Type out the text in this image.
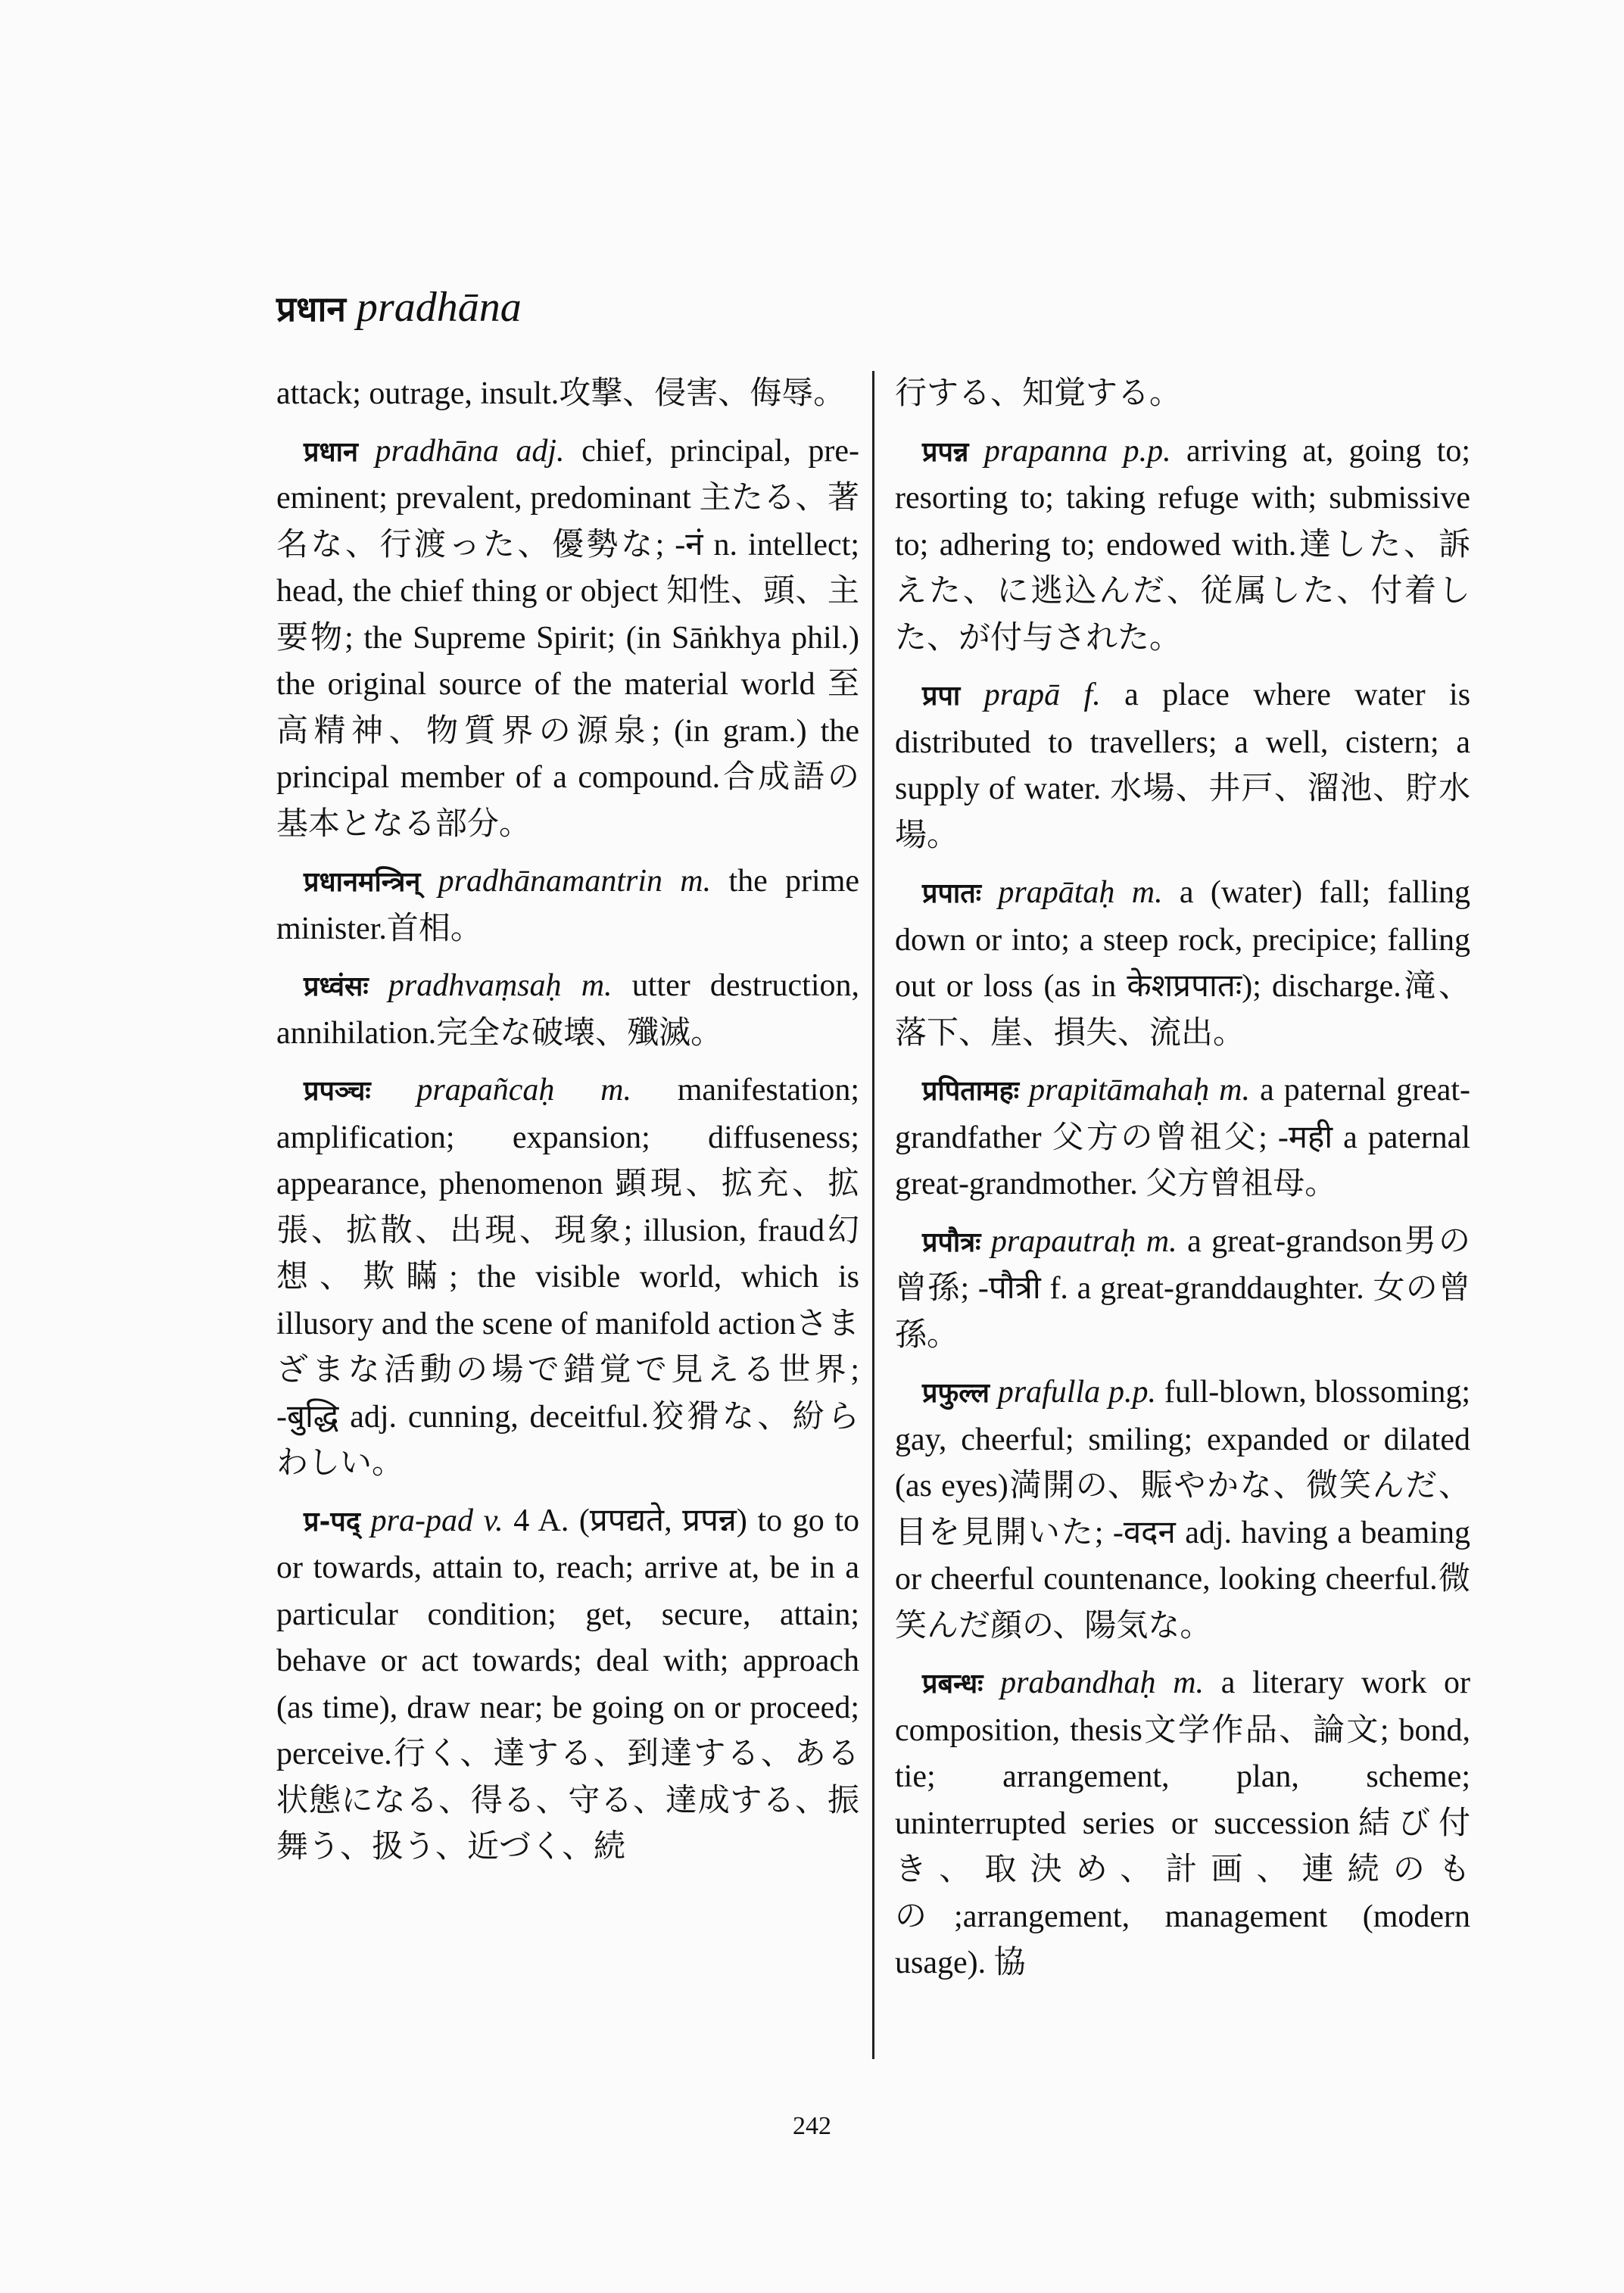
प्रधान pradhāna

attack; outrage, insult.攻撃、侵害、侮辱。

प्रधान pradhāna adj. chief, principal, pre-eminent; prevalent, predominant 主たる、著名な、行渡った、優勢な; -नं n. intellect; head, the chief thing or object 知性、頭、主要物; the Supreme Spirit; (in Sāṅkhya phil.) the original source of the material world 至高精神、物質界の源泉; (in gram.) the principal member of a compound.合成語の基本となる部分。

प्रधानमन्त्रिन् pradhānamantrin m. the prime minister.首相。

प्रध्वंसः pradhvaṃsaḥ m. utter destruction, annihilation.完全な破壊、殲滅。

प्रपञ्चः prapañcaḥ m. manifestation; amplification; expansion; diffuseness; appearance, phenomenon 顕現、拡充、拡張、拡散、出現、現象; illusion, fraud幻想、欺瞞; the visible world, which is illusory and the scene of manifold actionさまざまな活動の場で錯覚で見える世界; -बुद्धि adj. cunning, deceitful.狡猾な、紛らわしい。

प्र-पद् pra-pad v. 4 A. (प्रपद्यते, प्रपन्न) to go to or towards, attain to, reach; arrive at, be in a particular condition; get, secure, attain; behave or act towards; deal with; approach (as time), draw near; be going on or proceed; perceive.行く、達する、到達する、ある状態になる、得る、守る、達成する、振舞う、扱う、近づく、続

行する、知覚する。

प्रपन्न prapanna p.p. arriving at, going to; resorting to; taking refuge with; submissive to; adhering to; endowed with.達した、訴えた、に逃込んだ、従属した、付着した、が付与された。

प्रपा prapā f. a place where water is distributed to travellers; a well, cistern; a supply of water. 水場、井戸、溜池、貯水場。

प्रपातः prapātaḥ m. a (water) fall; falling down or into; a steep rock, precipice; falling out or loss (as in केशप्रपातः); discharge.滝、落下、崖、損失、流出。

प्रपितामहः prapitāmahaḥ m. a paternal great-grandfather 父方の曾祖父; -मही a paternal great-grandmother. 父方曾祖母。

प्रपौत्रः prapautraḥ m. a great-grandson男の曾孫; -पौत्री f. a great-granddaughter. 女の曾孫。

प्रफुल्ल prafulla p.p. full-blown, blossoming; gay, cheerful; smiling; expanded or dilated (as eyes)満開の、賑やかな、微笑んだ、目を見開いた; -वदन adj. having a beaming or cheerful countenance, looking cheerful.微笑んだ顔の、陽気な。

प्रबन्धः prabandhaḥ m. a literary work or composition, thesis文学作品、論文; bond, tie; arrangement, plan, scheme; uninterrupted series or succession結び付き、取決め、計画、連続のもの;arrangement, management (modern usage). 協

242
